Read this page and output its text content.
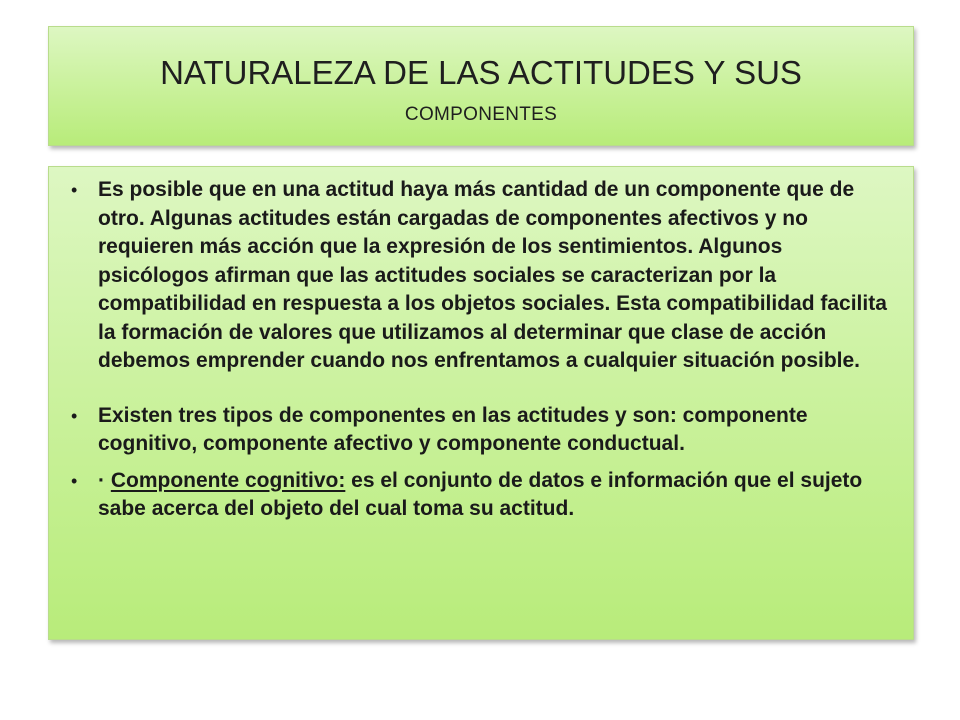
NATURALEZA DE LAS ACTITUDES Y SUS
COMPONENTES
• Es posible que en una actitud haya más cantidad de un componente que de otro. Algunas actitudes están cargadas de componentes afectivos y no requieren más acción que la expresión de los sentimientos. Algunos psicólogos afirman que las actitudes sociales se caracterizan por la compatibilidad en respuesta a los objetos sociales. Esta compatibilidad facilita la formación de valores que utilizamos al determinar que clase de acción debemos emprender cuando nos enfrentamos a cualquier situación posible.
• Existen tres tipos de componentes en las actitudes y son: componente cognitivo, componente afectivo y componente conductual.
• · Componente cognitivo: es el conjunto de datos e información que el sujeto sabe acerca del objeto del cual toma su actitud.
